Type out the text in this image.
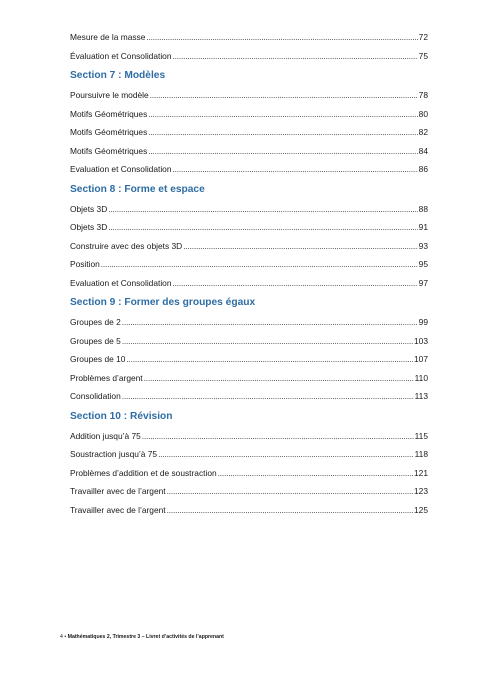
Mesure de la masse .....	72
Évaluation et Consolidation .....	75
Section 7 : Modèles
Poursuivre le modèle .....	78
Motifs Géométriques .....	80
Motifs Géométriques .....	82
Motifs Géométriques .....	84
Evaluation et Consolidation .....	86
Section 8 : Forme et espace
Objets 3D .....	88
Objets 3D .....	91
Construire avec des objets 3D .....	93
Position .....	95
Evaluation et Consolidation .....	97
Section 9 : Former des groupes égaux
Groupes de 2 .....	99
Groupes de 5 .....	103
Groupes de 10 .....	107
Problèmes d’argent .....	110
Consolidation .....	113
Section 10 : Révision
Addition jusqu’à 75 .....	115
Soustraction jusqu’à 75 .....	118
Problèmes d’addition et de soustraction .....	121
Travailler avec de l’argent .....	123
Travailler avec de l’argent .....	125
4 • Mathématiques 2, Trimestre 3 – Livret d’activités de l’apprenant
